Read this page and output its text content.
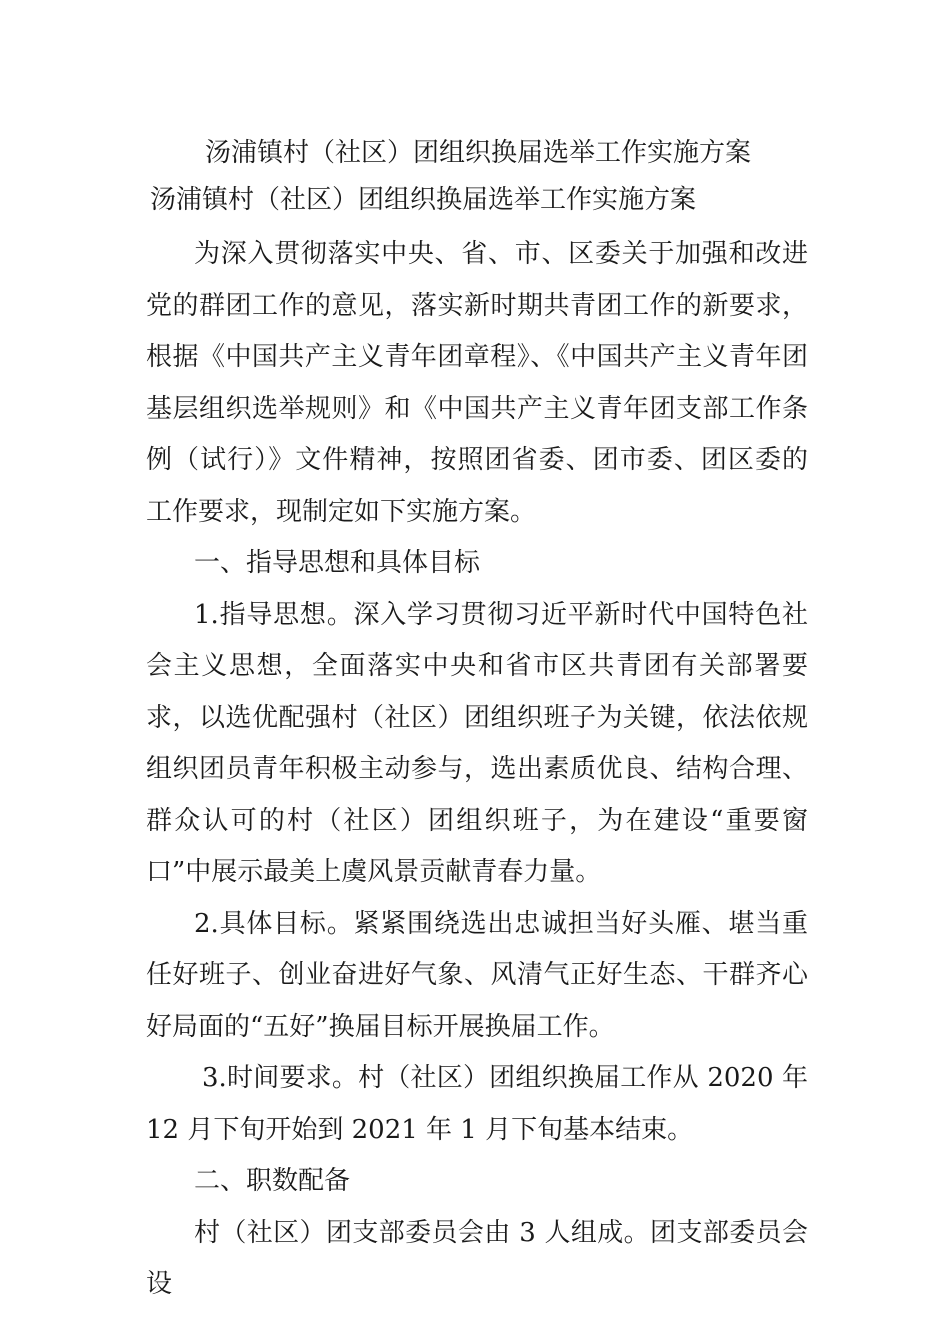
汤浦镇村（社区）团组织换届选举工作实施方案
汤浦镇村（社区）团组织换届选举工作实施方案

为深入贯彻落实中央、省、市、区委关于加强和改进党的群团工作的意见，落实新时期共青团工作的新要求，根据《中国共产主义青年团章程》、《中国共产主义青年团基层组织选举规则》和《中国共产主义青年团支部工作条例（试行）》文件精神，按照团省委、团市委、团区委的工作要求，现制定如下实施方案。

一、指导思想和具体目标

1.指导思想。深入学习贯彻习近平新时代中国特色社会主义思想，全面落实中央和省市区共青团有关部署要求，以选优配强村（社区）团组织班子为关键，依法依规组织团员青年积极主动参与，选出素质优良、结构合理、群众认可的村（社区）团组织班子，为在建设“重要窗口”中展示最美上虞风景贡献青春力量。

2.具体目标。紧紧围绕选出忠诚担当好头雁、堪当重任好班子、创业奋进好气象、风清气正好生态、干群齐心好局面的“五好”换届目标开展换届工作。

3.时间要求。村（社区）团组织换届工作从 2020 年 12 月下旬开始到 2021 年 1 月下旬基本结束。

二、职数配备

村（社区）团支部委员会由 3 人组成。团支部委员会设
